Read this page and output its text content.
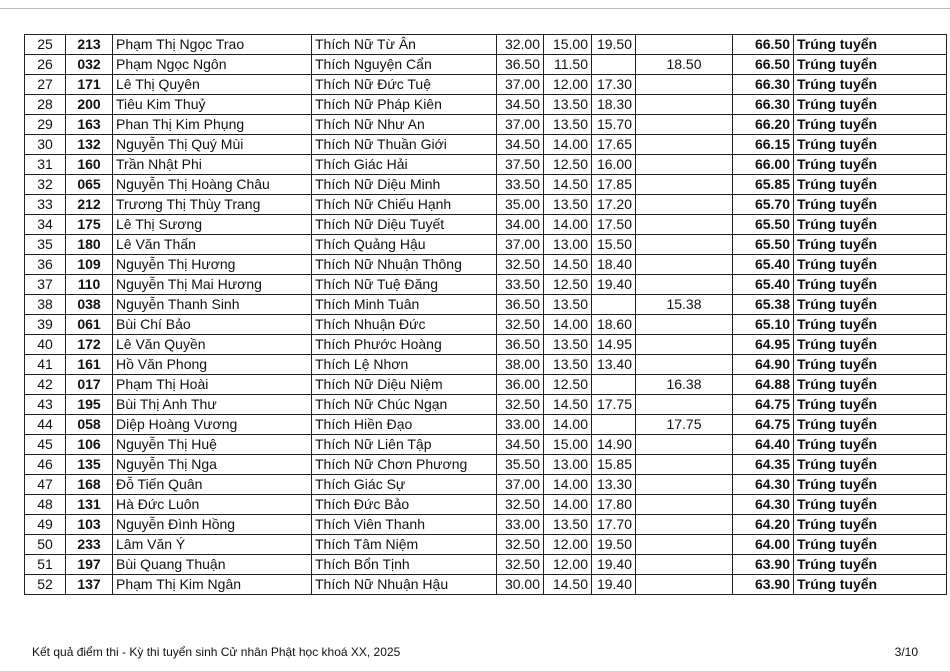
25	213	Phạm Thị Ngọc Trao	Thích Nữ Từ Ân	32.00	15.00	19.50		66.50	Trúng tuyển
26	032	Phạm Ngọc Ngôn	Thích Nguyện Cẩn	36.50	11.50		18.50	66.50	Trúng tuyển
27	171	Lê Thị Quyên	Thích Nữ Đức Tuệ	37.00	12.00	17.30		66.30	Trúng tuyển
28	200	Tiêu Kim Thuỷ	Thích Nữ Pháp Kiên	34.50	13.50	18.30		66.30	Trúng tuyển
29	163	Phan Thị Kim Phụng	Thích Nữ Như An	37.00	13.50	15.70		66.20	Trúng tuyển
30	132	Nguyễn Thị Quý Mùi	Thích Nữ Thuần Giới	34.50	14.00	17.65		66.15	Trúng tuyển
31	160	Trần Nhật Phi	Thích Giác Hải	37.50	12.50	16.00		66.00	Trúng tuyển
32	065	Nguyễn Thị Hoàng Châu	Thích Nữ Diệu Minh	33.50	14.50	17.85		65.85	Trúng tuyển
33	212	Trương Thị Thùy Trang	Thích Nữ Chiếu Hạnh	35.00	13.50	17.20		65.70	Trúng tuyển
34	175	Lê Thị Sương	Thích Nữ Diệu Tuyết	34.00	14.00	17.50		65.50	Trúng tuyển
35	180	Lê Văn Thấn	Thích Quảng Hậu	37.00	13.00	15.50		65.50	Trúng tuyển
36	109	Nguyễn Thị Hương	Thích Nữ Nhuận Thông	32.50	14.50	18.40		65.40	Trúng tuyển
37	110	Nguyễn Thị Mai Hương	Thích Nữ Tuệ Đăng	33.50	12.50	19.40		65.40	Trúng tuyển
38	038	Nguyễn Thanh Sinh	Thích Minh Tuân	36.50	13.50		15.38	65.38	Trúng tuyển
39	061	Bùi Chí Bảo	Thích Nhuận Đức	32.50	14.00	18.60		65.10	Trúng tuyển
40	172	Lê Văn Quyền	Thích Phước Hoàng	36.50	13.50	14.95		64.95	Trúng tuyển
41	161	Hồ Văn Phong	Thích Lệ Nhơn	38.00	13.50	13.40		64.90	Trúng tuyển
42	017	Phạm Thị Hoài	Thích Nữ Diệu Niệm	36.00	12.50		16.38	64.88	Trúng tuyển
43	195	Bùi Thị Anh Thư	Thích Nữ Chúc Ngạn	32.50	14.50	17.75		64.75	Trúng tuyển
44	058	Diệp Hoàng Vương	Thích Hiền Đạo	33.00	14.00		17.75	64.75	Trúng tuyển
45	106	Nguyễn Thị Huệ	Thích Nữ Liên Tập	34.50	15.00	14.90		64.40	Trúng tuyển
46	135	Nguyễn Thị Nga	Thích Nữ Chơn Phương	35.50	13.00	15.85		64.35	Trúng tuyển
47	168	Đỗ Tiến Quân	Thích Giác Sự	37.00	14.00	13.30		64.30	Trúng tuyển
48	131	Hà Đức Luôn	Thích Đức Bảo	32.50	14.00	17.80		64.30	Trúng tuyển
49	103	Nguyễn Đình Hồng	Thích Viên Thanh	33.00	13.50	17.70		64.20	Trúng tuyển
50	233	Lâm Văn Ý	Thích Tâm Niệm	32.50	12.00	19.50		64.00	Trúng tuyển
51	197	Bùi Quang Thuận	Thích Bổn Tịnh	32.50	12.00	19.40		63.90	Trúng tuyển
52	137	Phạm Thị Kim Ngân	Thích Nữ Nhuận Hậu	30.00	14.50	19.40		63.90	Trúng tuyển
Kết quả điểm thi - Kỳ thi tuyển sinh Cử nhân Phật học khoá XX, 2025	3/10
